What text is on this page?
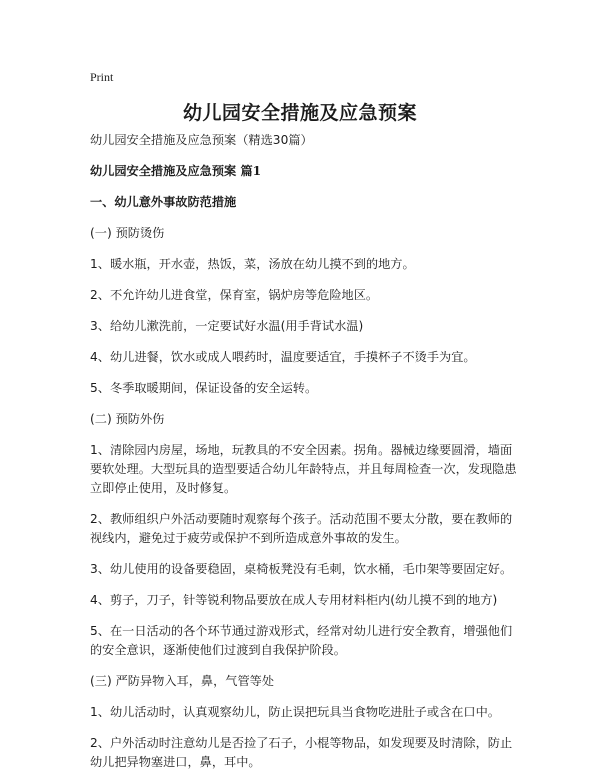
Print
幼儿园安全措施及应急预案

幼儿园安全措施及应急预案（精选30篇）

幼儿园安全措施及应急预案 篇1

一、幼儿意外事故防范措施

(一) 预防烫伤

1、暖水瓶，开水壶，热饭，菜，汤放在幼儿摸不到的地方。

2、不允许幼儿进食堂，保育室，锅炉房等危险地区。

3、给幼儿漱洗前，一定要试好水温(用手背试水温)

4、幼儿进餐，饮水或成人喂药时，温度要适宜，手摸杯子不烫手为宜。

5、冬季取暖期间，保证设备的安全运转。

(二) 预防外伤

1、清除园内房屋，场地，玩教具的不安全因素。拐角。器械边缘要圆滑，墙面要软处理。大型玩具的造型要适合幼儿年龄特点，并且每周检查一次，发现隐患立即停止使用，及时修复。

2、教师组织户外活动要随时观察每个孩子。活动范围不要太分散，要在教师的视线内，避免过于疲劳或保护不到所造成意外事故的发生。

3、幼儿使用的设备要稳固，桌椅板凳没有毛刺，饮水桶，毛巾架等要固定好。

4、剪子，刀子，针等锐利物品要放在成人专用材料柜内(幼儿摸不到的地方)

5、在一日活动的各个环节通过游戏形式，经常对幼儿进行安全教育，增强他们的安全意识，逐渐使他们过渡到自我保护阶段。

(三) 严防异物入耳，鼻，气管等处

1、幼儿活动时，认真观察幼儿，防止误把玩具当食物吃进肚子或含在口中。

2、户外活动时注意幼儿是否捡了石子，小棍等物品，如发现要及时清除，防止幼儿把异物塞进口，鼻，耳中。
